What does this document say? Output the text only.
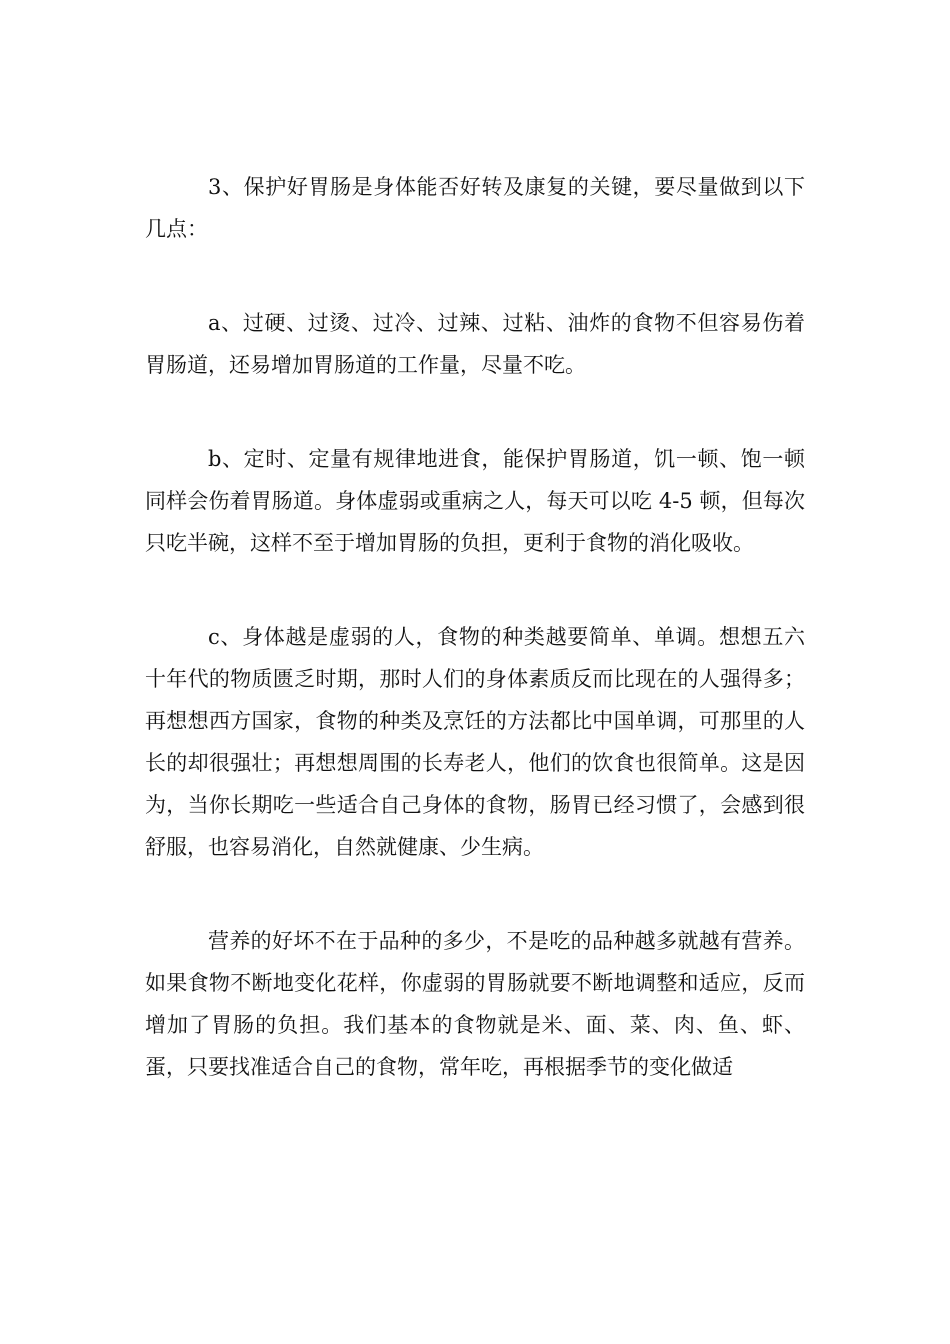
3、保护好胃肠是身体能否好转及康复的关键，要尽量做到以下几点：

a、过硬、过烫、过冷、过辣、过粘、油炸的食物不但容易伤着胃肠道，还易增加胃肠道的工作量，尽量不吃。

b、定时、定量有规律地进食，能保护胃肠道，饥一顿、饱一顿同样会伤着胃肠道。身体虚弱或重病之人，每天可以吃 4-5 顿，但每次只吃半碗，这样不至于增加胃肠的负担，更利于食物的消化吸收。

c、身体越是虚弱的人，食物的种类越要简单、单调。想想五六十年代的物质匮乏时期，那时人们的身体素质反而比现在的人强得多；再想想西方国家，食物的种类及烹饪的方法都比中国单调，可那里的人长的却很强壮；再想想周围的长寿老人，他们的饮食也很简单。这是因为，当你长期吃一些适合自己身体的食物，肠胃已经习惯了，会感到很舒服，也容易消化，自然就健康、少生病。

营养的好坏不在于品种的多少，不是吃的品种越多就越有营养。如果食物不断地变化花样，你虚弱的胃肠就要不断地调整和适应，反而增加了胃肠的负担。我们基本的食物就是米、面、菜、肉、鱼、虾、蛋，只要找准适合自己的食物，常年吃，再根据季节的变化做适
